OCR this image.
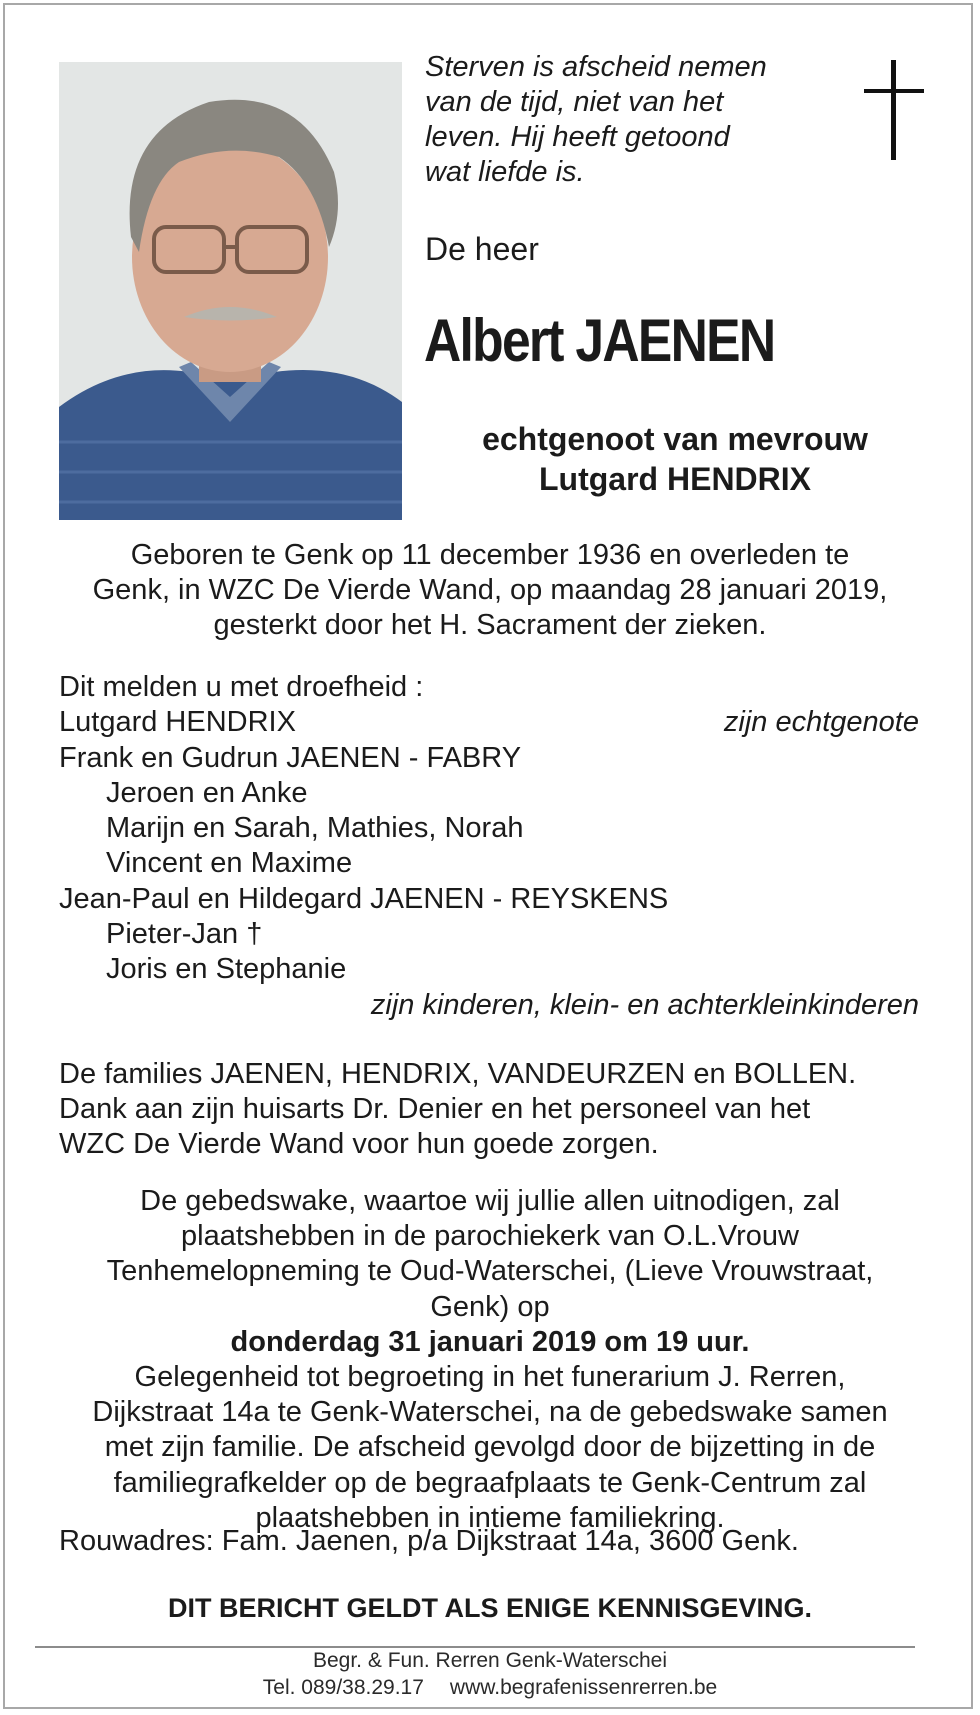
Sterven is afscheid nemen
van de tijd, niet van het
leven. Hij heeft getoond
wat liefde is.

De heer

Albert JAENEN

echtgenoot van mevrouw

Lutgard HENDRIX

Geboren te Genk op 11 december 1936 en overleden te
Genk, in WZC De Vierde Wand, op maandag 28 januari 2019,
gesterkt door het H. Sacrament der zieken.

Dit melden u met droefheid :
Lutgard HENDRIX	zijn echtgenote
Frank en Gudrun JAENEN - FABRY
Jeroen en Anke
Marijn en Sarah, Mathies, Norah
Vincent en Maxime
Jean-Paul en Hildegard JAENEN - REYSKENS
Pieter-Jan †
Joris en Stephanie
zijn kinderen, klein- en achterkleinkinderen

De families JAENEN, HENDRIX, VANDEURZEN en BOLLEN.
Dank aan zijn huisarts Dr. Denier en het personeel van het
WZC De Vierde Wand voor hun goede zorgen.

De gebedswake, waartoe wij jullie allen uitnodigen, zal
plaatshebben in de parochiekerk van O.L.Vrouw
Tenhemelopneming te Oud-Waterschei, (Lieve Vrouwstraat,
Genk) op
donderdag 31 januari 2019 om 19 uur.
Gelegenheid tot begroeting in het funerarium J. Rerren,
Dijkstraat 14a te Genk-Waterschei, na de gebedswake samen
met zijn familie. De afscheid gevolgd door de bijzetting in de
familiegrafkelder op de begraafplaats te Genk-Centrum zal
plaatshebben in intieme familiekring.

Rouwadres: Fam. Jaenen, p/a Dijkstraat 14a, 3600 Genk.

DIT BERICHT GELDT ALS ENIGE KENNISGEVING.

Begr. & Fun. Rerren Genk-Waterschei

Tel. 089/38.29.17 www.begrafenissenrerren.be
